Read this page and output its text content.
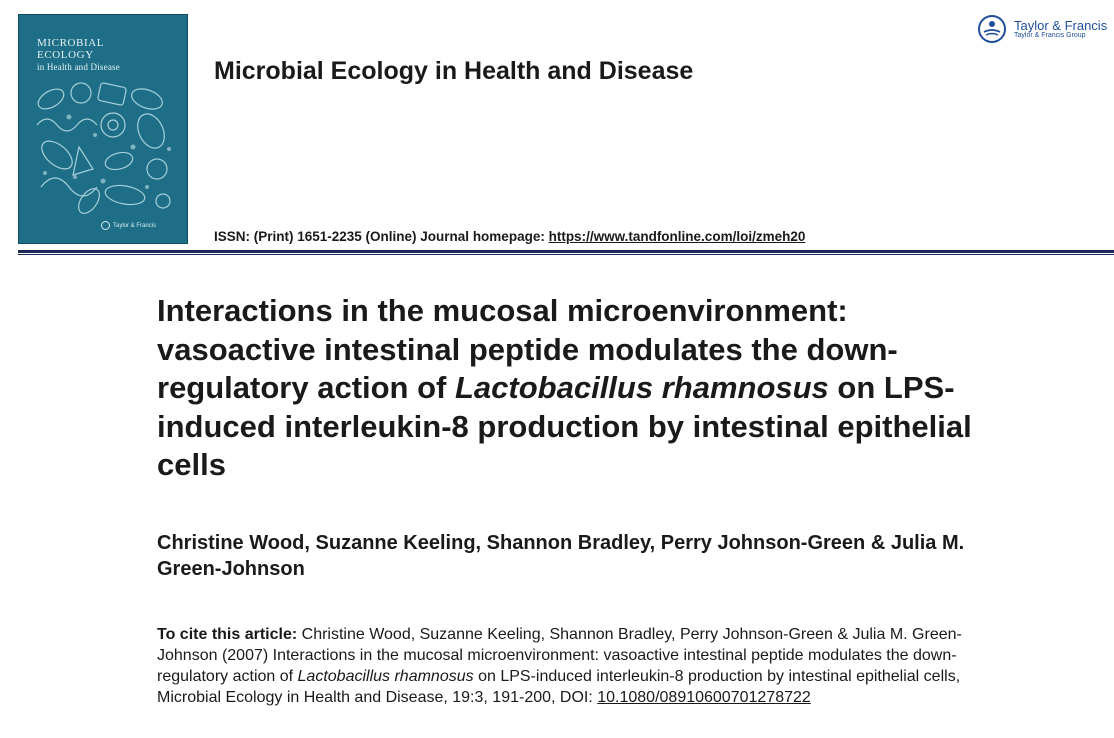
MICROBIAL
ECOLOGY
in Health and Disease
Taylor & Francis
Microbial Ecology in Health and Disease
ISSN: (Print) 1651-2235 (Online) Journal homepage: https://www.tandfonline.com/loi/zmeh20
Taylor & Francis
Taylor & Francis Group
Interactions in the mucosal microenvironment: vasoactive intestinal peptide modulates the down-regulatory action of Lactobacillus rhamnosus on LPS-induced interleukin-8 production by intestinal epithelial cells
Christine Wood, Suzanne Keeling, Shannon Bradley, Perry Johnson-Green & Julia M. Green-Johnson
To cite this article: Christine Wood, Suzanne Keeling, Shannon Bradley, Perry Johnson-Green & Julia M. Green-Johnson (2007) Interactions in the mucosal microenvironment: vasoactive intestinal peptide modulates the down-regulatory action of Lactobacillus rhamnosus on LPS-induced interleukin-8 production by intestinal epithelial cells, Microbial Ecology in Health and Disease, 19:3, 191-200, DOI: 10.1080/08910600701278722
